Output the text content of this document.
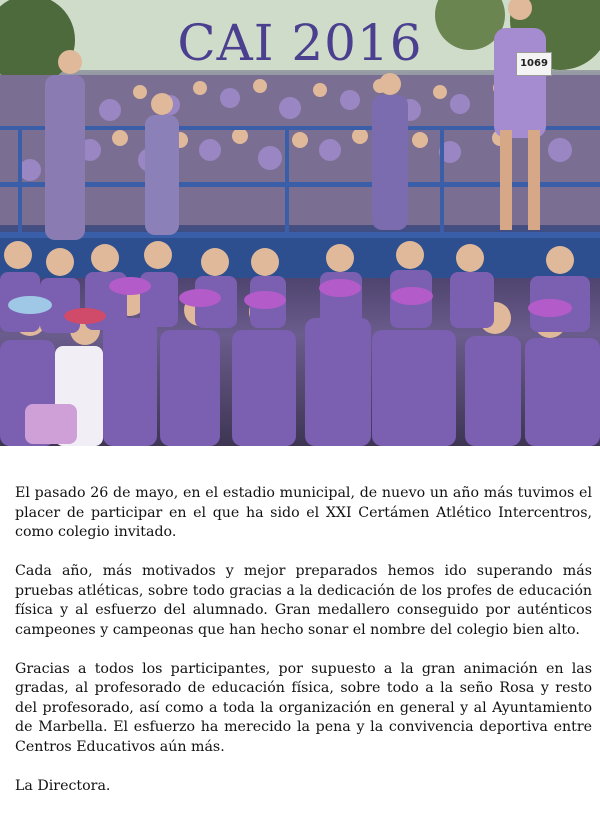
CAI 2016	1069

El pasado 26 de mayo, en el estadio municipal, de nuevo un año más tuvimos el placer de participar en el que ha sido el XXI Certámen Atlético Intercentros, como colegio invitado.

Cada año, más motivados y mejor preparados hemos ido superando más pruebas atléticas, sobre todo gracias a la dedicación de los profes de educación física y al esfuerzo del alumnado. Gran medallero conseguido por auténticos campeones y campeonas que han hecho sonar el nombre del colegio bien alto.

Gracias a todos los participantes, por supuesto a la gran animación en las gradas, al profesorado de educación física, sobre todo a la seño Rosa y resto del profesorado, así como a toda la organización en general y al Ayuntamiento de Marbella. El esfuerzo ha merecido la pena y la convivencia deportiva entre Centros Educativos aún más.

La Directora.
